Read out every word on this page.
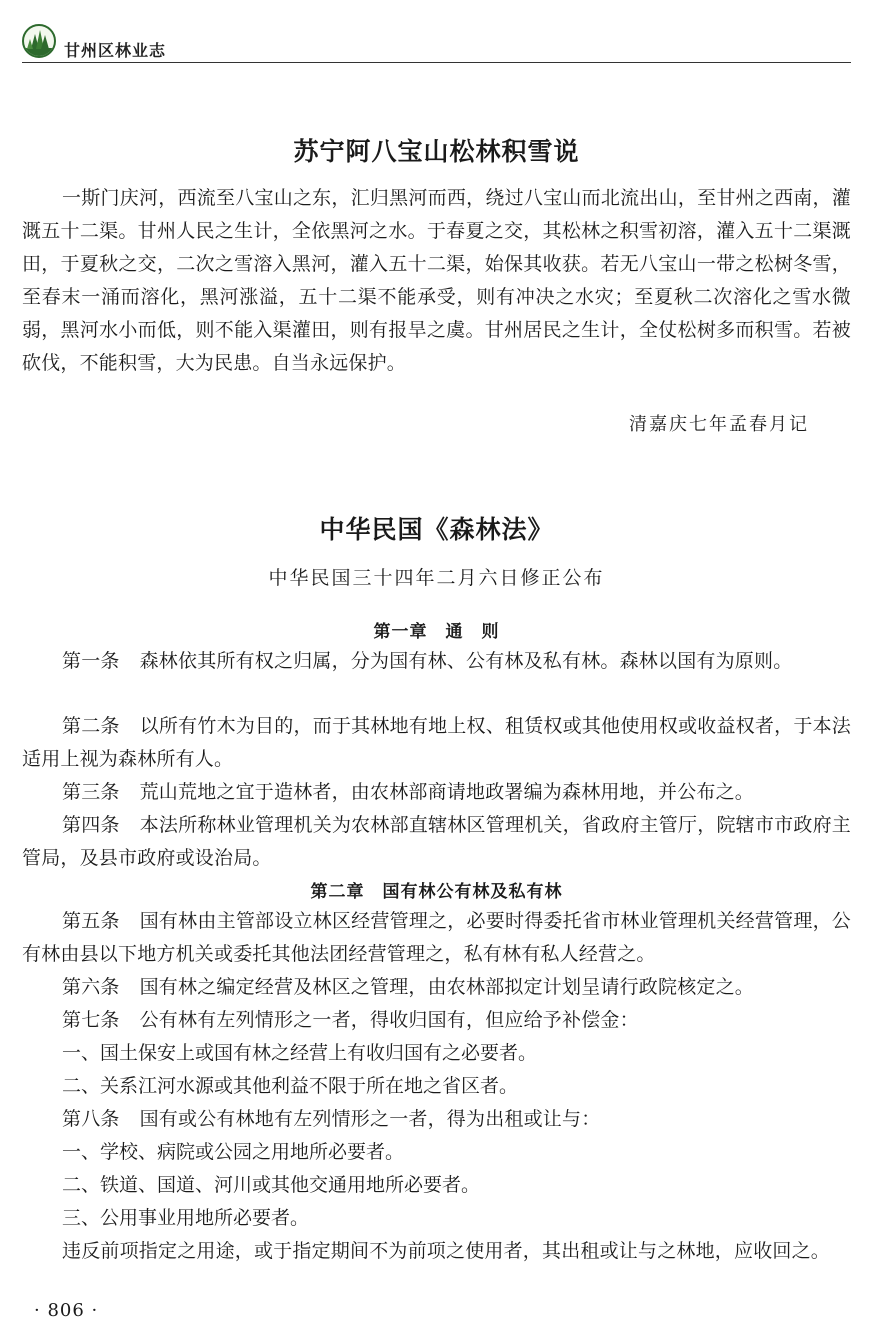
甘州区林业志
苏宁阿八宝山松林积雪说
一斯门庆河，西流至八宝山之东，汇归黑河而西，绕过八宝山而北流出山，至甘州之西南，灌溉五十二渠。甘州人民之生计，全依黑河之水。于春夏之交，其松林之积雪初溶，灌入五十二渠溉田，于夏秋之交，二次之雪溶入黑河，灌入五十二渠，始保其收获。若无八宝山一带之松树冬雪，至春末一涌而溶化，黑河涨溢，五十二渠不能承受，则有冲决之水灾；至夏秋二次溶化之雪水微弱，黑河水小而低，则不能入渠灌田，则有报旱之虞。甘州居民之生计，全仗松树多而积雪。若被砍伐，不能积雪，大为民患。自当永远保护。
清嘉庆七年孟春月记
中华民国《森林法》
中华民国三十四年二月六日修正公布
第一章 通 则
第一条 森林依其所有权之归属，分为国有林、公有林及私有林。森林以国有为原则。
第二条 以所有竹木为目的，而于其林地有地上权、租赁权或其他使用权或收益权者，于本法适用上视为森林所有人。
第三条 荒山荒地之宜于造林者，由农林部商请地政署编为森林用地，并公布之。
第四条 本法所称林业管理机关为农林部直辖林区管理机关，省政府主管厅，院辖市市政府主管局，及县市政府或设治局。
第二章 国有林公有林及私有林
第五条 国有林由主管部设立林区经营管理之，必要时得委托省市林业管理机关经营管理，公有林由县以下地方机关或委托其他法团经营管理之，私有林有私人经营之。
第六条 国有林之编定经营及林区之管理，由农林部拟定计划呈请行政院核定之。
第七条 公有林有左列情形之一者，得收归国有，但应给予补偿金：
一、国土保安上或国有林之经营上有收归国有之必要者。
二、关系江河水源或其他利益不限于所在地之省区者。
第八条 国有或公有林地有左列情形之一者，得为出租或让与：
一、学校、病院或公园之用地所必要者。
二、铁道、国道、河川或其他交通用地所必要者。
三、公用事业用地所必要者。
违反前项指定之用途，或于指定期间不为前项之使用者，其出租或让与之林地，应收回之。
· 806 ·
